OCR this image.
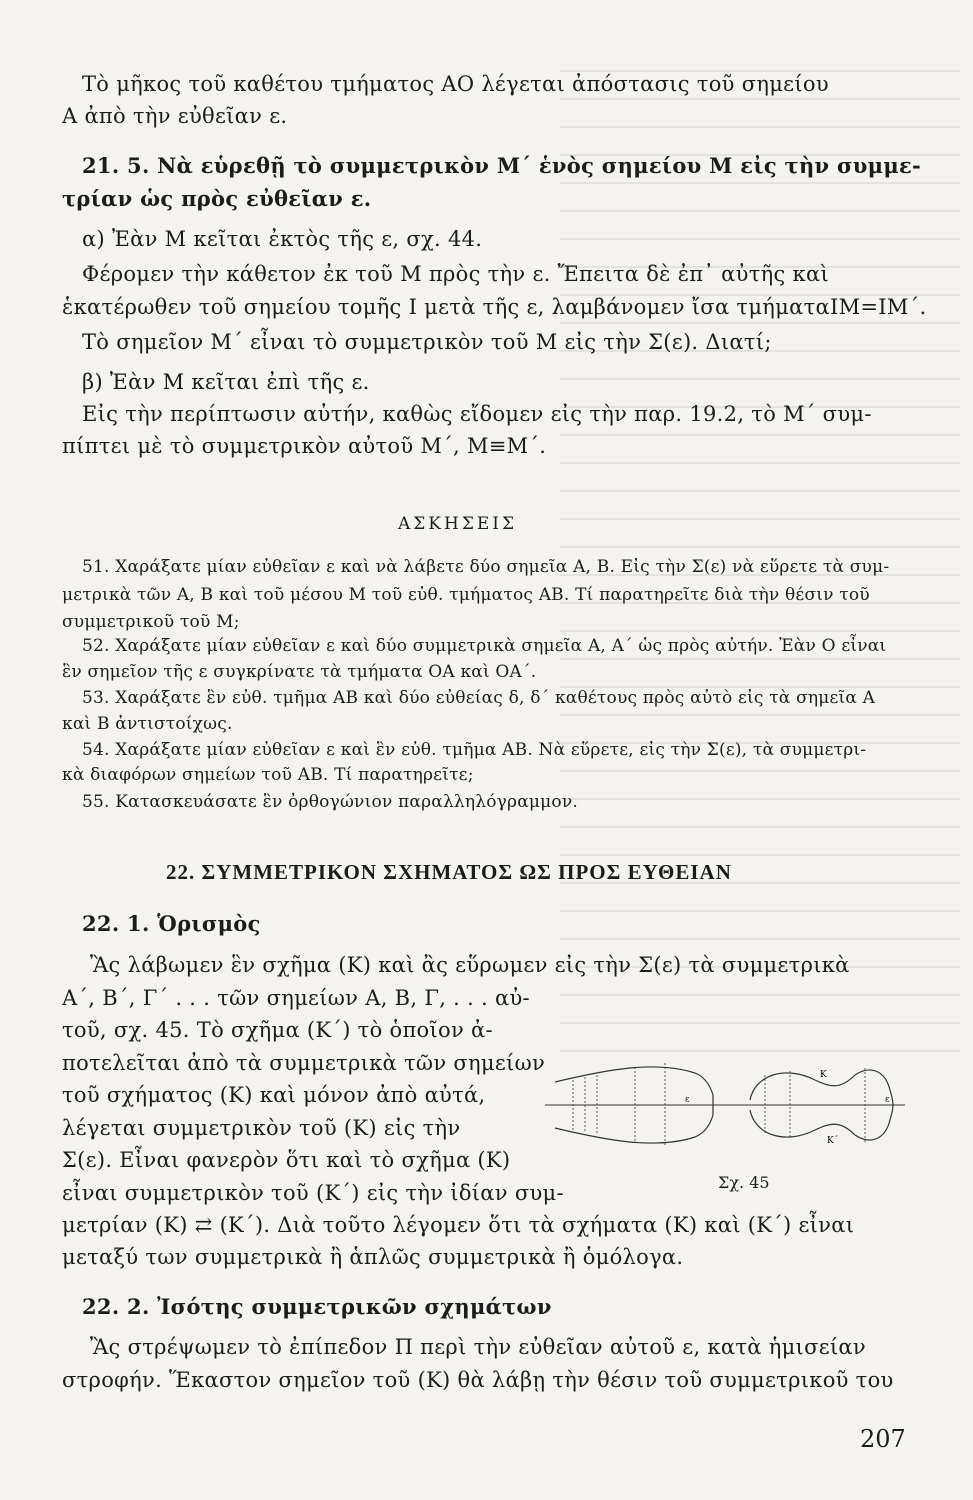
Τὸ μῆκος τοῦ καθέτου τμήματος ΑΟ λέγεται ἀπόστασις τοῦ σημείου
Α ἀπὸ τὴν εὐθεῖαν ε.
21. 5. Νὰ εὑρεθῇ τὸ συμμετρικὸν Μ΄ ἑνὸς σημείου Μ εἰς τὴν συμμε-
τρίαν ὡς πρὸς εὐθεῖαν ε.
α) Ἐὰν Μ κεῖται ἐκτὸς τῆς ε, σχ. 44.
Φέρομεν τὴν κάθετον ἐκ τοῦ Μ πρὸς τὴν ε. Ἔπειτα δὲ ἐπ᾽ αὐτῆς καὶ
ἑκατέρωθεν τοῦ σημείου τομῆς Ι μετὰ τῆς ε, λαμβάνομεν ἴσα τμήματαΙΜ=ΙΜ΄.
Τὸ σημεῖον Μ΄ εἶναι τὸ συμμετρικὸν τοῦ Μ εἰς τὴν Σ(ε). Διατί;
β) Ἐὰν Μ κεῖται ἐπὶ τῆς ε.
Εἰς τὴν περίπτωσιν αὐτήν, καθὼς εἴδομεν εἰς τὴν παρ. 19.2, τὸ Μ΄ συμ-
πίπτει μὲ τὸ συμμετρικὸν αὐτοῦ Μ΄, Μ≡Μ΄.
ΑΣΚΗΣΕΙΣ
51. Χαράξατε μίαν εὐθεῖαν ε καὶ νὰ λάβετε δύο σημεῖα Α, Β. Εἰς τὴν Σ(ε) νὰ εὕρετε τὰ συμ-
μετρικὰ τῶν Α, Β καὶ τοῦ μέσου Μ τοῦ εὐθ. τμήματος ΑΒ. Τί παρατηρεῖτε διὰ τὴν θέσιν τοῦ
συμμετρικοῦ τοῦ Μ;
52. Χαράξατε μίαν εὐθεῖαν ε καὶ δύο συμμετρικὰ σημεῖα Α, Α΄ ὡς πρὸς αὐτήν. Ἐὰν Ο εἶναι
ἓν σημεῖον τῆς ε συγκρίνατε τὰ τμήματα ΟΑ καὶ ΟΑ΄.
53. Χαράξατε ἓν εὐθ. τμῆμα ΑΒ καὶ δύο εὐθείας δ, δ΄ καθέτους πρὸς αὐτὸ εἰς τὰ σημεῖα Α
καὶ Β ἀντιστοίχως.
54. Χαράξατε μίαν εὐθεῖαν ε καὶ ἓν εὐθ. τμῆμα ΑΒ. Νὰ εὕρετε, εἰς τὴν Σ(ε), τὰ συμμετρι-
κὰ διαφόρων σημείων τοῦ ΑΒ. Τί παρατηρεῖτε;
55. Κατασκευάσατε ἓν ὀρθογώνιον παραλληλόγραμμον.
22. ΣΥΜΜΕΤΡΙΚΟΝ ΣΧΗΜΑΤΟΣ ΩΣ ΠΡΟΣ ΕΥΘΕΙΑΝ
22. 1. Ὁρισμὸς
Ἂς λάβωμεν ἓν σχῆμα (Κ) καὶ ἂς εὕρωμεν εἰς τὴν Σ(ε) τὰ συμμετρικὰ
Α΄, Β΄, Γ΄ . . . τῶν σημείων Α, Β, Γ, . . . αὐ-
τοῦ, σχ. 45. Τὸ σχῆμα (Κ΄) τὸ ὁποῖον ἀ-
ποτελεῖται ἀπὸ τὰ συμμετρικὰ τῶν σημείων
τοῦ σχήματος (Κ) καὶ μόνον ἀπὸ αὐτά,
λέγεται συμμετρικὸν τοῦ (Κ) εἰς τὴν
Σ(ε). Εἶναι φανερὸν ὅτι καὶ τὸ σχῆμα (Κ)
εἶναι συμμετρικὸν τοῦ (Κ΄) εἰς τὴν ἰδίαν συμ-
μετρίαν (Κ) ⇄ (Κ΄). Διὰ τοῦτο λέγομεν ὅτι τὰ σχήματα (Κ) καὶ (Κ΄) εἶναι
μεταξύ των συμμετρικὰ ἢ ἁπλῶς συμμετρικὰ ἢ ὁμόλογα.
22. 2. Ἰσότης συμμετρικῶν σχημάτων
Ἂς στρέψωμεν τὸ ἐπίπεδον Π περὶ τὴν εὐθεῖαν αὐτοῦ ε, κατὰ ἡμισείαν
στροφήν. Ἕκαστον σημεῖον τοῦ (Κ) θὰ λάβῃ τὴν θέσιν τοῦ συμμετρικοῦ του
ε	ε
Κ
Κ΄
Σχ. 45
207
